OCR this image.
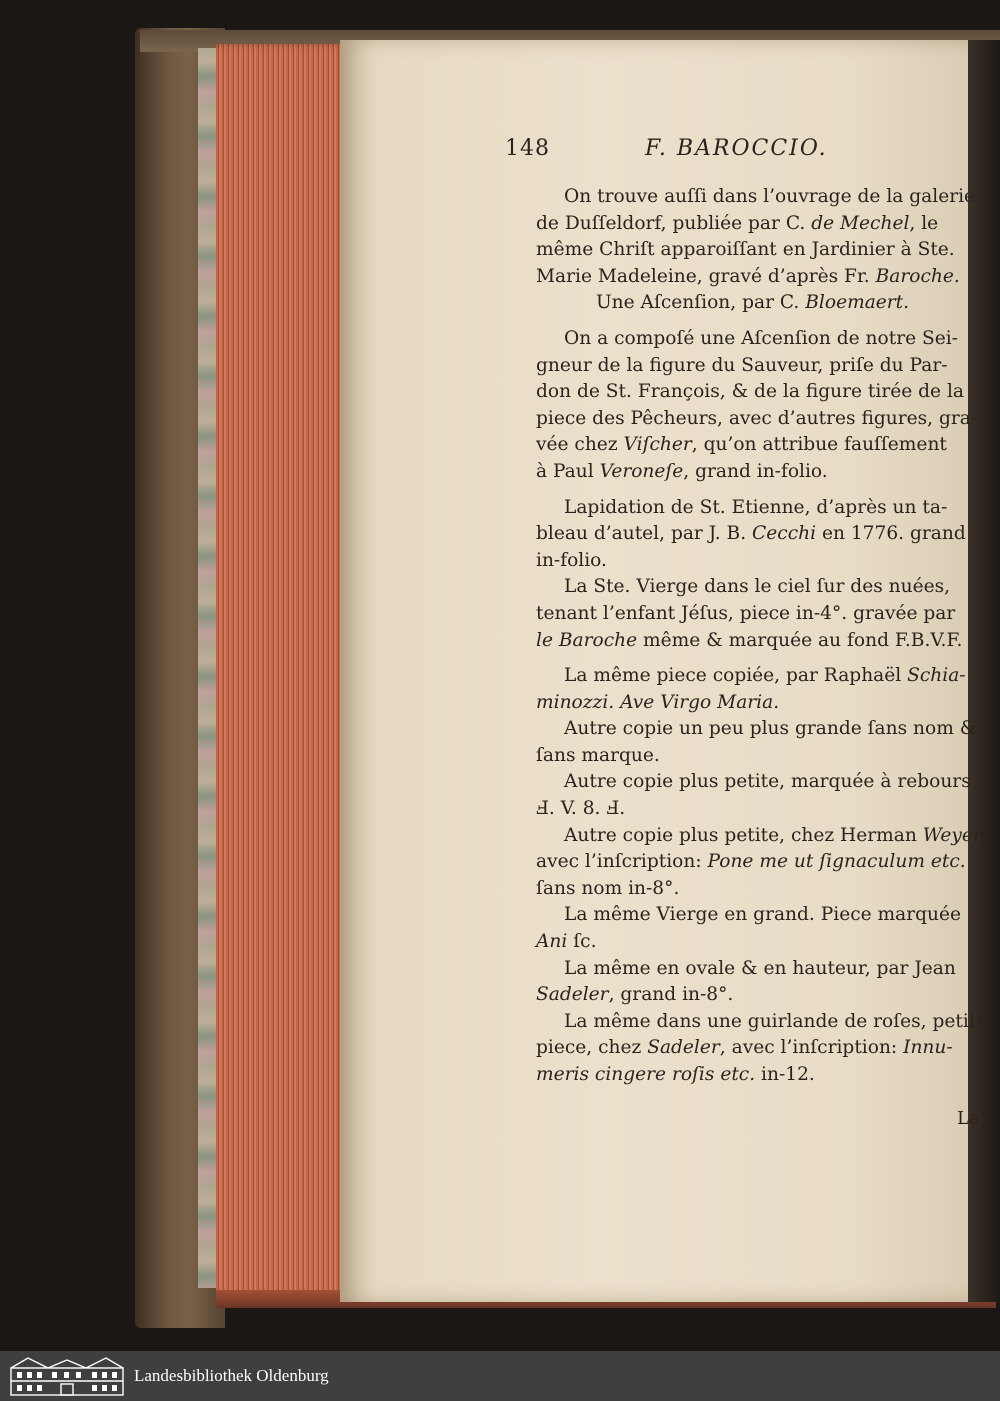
148	F. BAROCCIO.
On trouve auſſi dans l’ouvrage de la galerie
de Duſſeldorf, publiée par C. de Mechel, le
même Chriſt apparoiſſant en Jardinier à Ste.
Marie Madeleine, gravé d’après Fr. Baroche.
Une Aſcenſion, par C. Bloemaert.
On a compoſé une Aſcenſion de notre Sei-
gneur de la figure du Sauveur, priſe du Par-
don de St. François, & de la figure tirée de la
piece des Pêcheurs, avec d’autres figures, gra-
vée chez Viſcher, qu’on attribue fauſſement
à Paul Veroneſe, grand in-folio.
Lapidation de St. Etienne, d’après un ta-
bleau d’autel, par J. B. Cecchi en 1776. grand
in-folio.
La Ste. Vierge dans le ciel ſur des nuées,
tenant l’enfant Jéſus, piece in-4°. gravée par
le Baroche même & marquée au fond F.B.V.F.
La même piece copiée, par Raphaël Schia-
minozzi. Ave Virgo Maria.
Autre copie un peu plus grande ſans nom &
ſans marque.
Autre copie plus petite, marquée à rebours
Ⅎ. V. 8. Ⅎ.
Autre copie plus petite, chez Herman Weyen,
avec l’inſcription: Pone me ut ſignaculum etc.
ſans nom in-8°.
La même Vierge en grand. Piece marquée
Ani ſc.
La même en ovale & en hauteur, par Jean
Sadeler, grand in-8°.
La même dans une guirlande de roſes, petite
piece, chez Sadeler, avec l’inſcription: Innu-
meris cingere roſis etc. in-12.
La
Landesbibliothek Oldenburg
